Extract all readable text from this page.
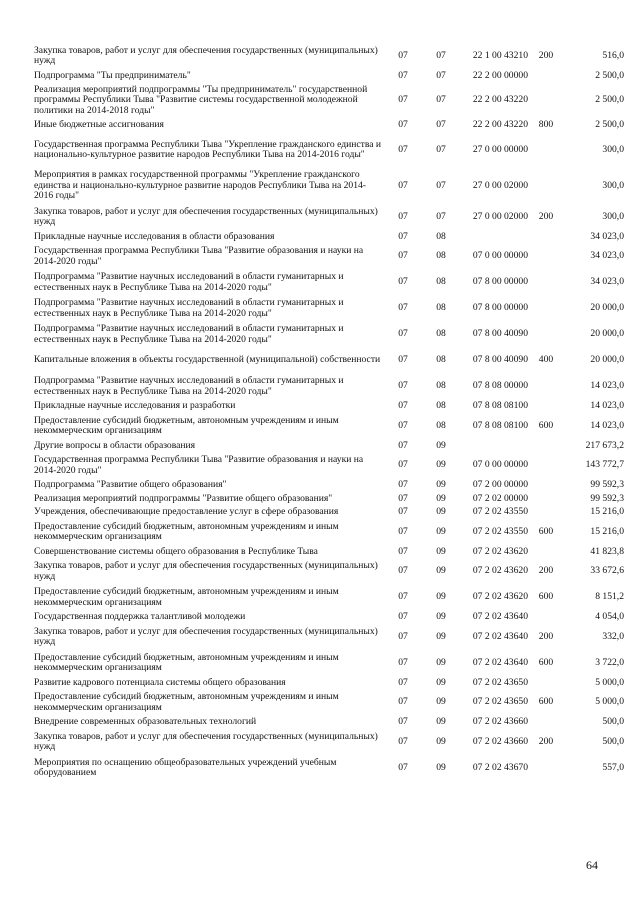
Закупка товаров, работ и услуг для обеспечения государственных (муниципальных) нужд	07	07	22 1 00 43210	200	516,0
Подпрограмма "Ты предприниматель"	07	07	22 2 00 00000		2 500,0
Реализация мероприятий подпрограммы "Ты предприниматель" государственной программы Республики Тыва "Развитие системы государственной молодежной политики на 2014-2018 годы"	07	07	22 2 00 43220		2 500,0
Иные бюджетные ассигнования	07	07	22 2 00 43220	800	2 500,0
Государственная программа Республики Тыва "Укрепление гражданского единства и национально-культурное развитие народов Республики Тыва на 2014-2016 годы"	07	07	27 0 00 00000		300,0
Мероприятия в рамках государственной программы "Укрепление гражданского единства и национально-культурное развитие народов Республики Тыва на 2014-2016 годы"	07	07	27 0 00 02000		300,0
Закупка товаров, работ и услуг для обеспечения государственных (муниципальных) нужд	07	07	27 0 00 02000	200	300,0
Прикладные научные исследования в области образования	07	08			34 023,0
Государственная программа Республики Тыва "Развитие образования и науки на 2014-2020 годы"	07	08	07 0 00 00000		34 023,0
Подпрограмма "Развитие научных исследований в области гуманитарных и естественных наук в Республике Тыва на 2014-2020 годы"	07	08	07 8 00 00000		34 023,0
Подпрограмма "Развитие научных исследований в области гуманитарных и естественных наук в Республике Тыва на 2014-2020 годы"	07	08	07 8 00 00000		20 000,0
Подпрограмма "Развитие научных исследований в области гуманитарных и естественных наук в Республике Тыва на 2014-2020 годы"	07	08	07 8 00 40090		20 000,0
Капитальные вложения в объекты государственной (муниципальной) собственности	07	08	07 8 00 40090	400	20 000,0
Подпрограмма "Развитие научных исследований в области гуманитарных и естественных наук в Республике Тыва на 2014-2020 годы"	07	08	07 8 08 00000		14 023,0
Прикладные научные исследования и разработки	07	08	07 8 08 08100		14 023,0
Предоставление субсидий бюджетным, автономным учреждениям и иным некоммерческим организациям	07	08	07 8 08 08100	600	14 023,0
Другие вопросы в области образования	07	09			217 673,2
Государственная программа Республики Тыва "Развитие образования и науки на 2014-2020 годы"	07	09	07 0 00 00000		143 772,7
Подпрограмма "Развитие общего образования"	07	09	07 2 00 00000		99 592,3
Реализация мероприятий подпрограммы "Развитие общего образования"	07	09	07 2 02 00000		99 592,3
Учреждения, обеспечивающие предоставление услуг в сфере образования	07	09	07 2 02 43550		15 216,0
Предоставление субсидий бюджетным, автономным учреждениям и иным некоммерческим организациям	07	09	07 2 02 43550	600	15 216,0
Совершенствование системы общего образования в Республике Тыва	07	09	07 2 02 43620		41 823,8
Закупка товаров, работ и услуг для обеспечения государственных (муниципальных) нужд	07	09	07 2 02 43620	200	33 672,6
Предоставление субсидий бюджетным, автономным учреждениям и иным некоммерческим организациям	07	09	07 2 02 43620	600	8 151,2
Государственная поддержка талантливой молодежи	07	09	07 2 02 43640		4 054,0
Закупка товаров, работ и услуг для обеспечения государственных (муниципальных) нужд	07	09	07 2 02 43640	200	332,0
Предоставление субсидий бюджетным, автономным учреждениям и иным некоммерческим организациям	07	09	07 2 02 43640	600	3 722,0
Развитие кадрового потенциала системы общего образования	07	09	07 2 02 43650		5 000,0
Предоставление субсидий бюджетным, автономным учреждениям и иным некоммерческим организациям	07	09	07 2 02 43650	600	5 000,0
Внедрение современных образовательных технологий	07	09	07 2 02 43660		500,0
Закупка товаров, работ и услуг для обеспечения государственных (муниципальных) нужд	07	09	07 2 02 43660	200	500,0
Мероприятия по оснащению общеобразовательных учреждений учебным оборудованием	07	09	07 2 02 43670		557,0
64
